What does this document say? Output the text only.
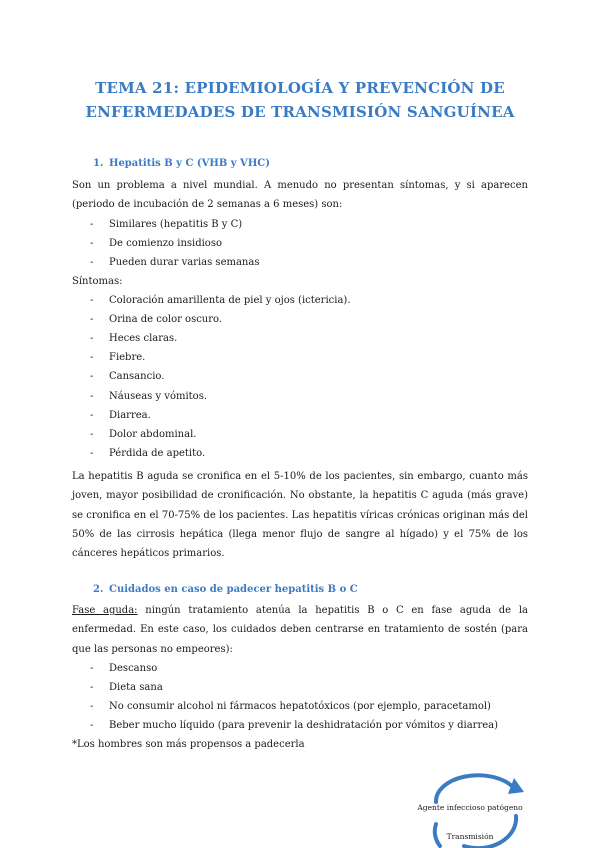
TEMA 21: EPIDEMIOLOGÍA Y PREVENCIÓN DE
ENFERMEDADES DE TRANSMISIÓN SANGUÍNEA
1. Hepatitis B y C (VHB y VHC)
Son un problema a nivel mundial. A menudo no presentan síntomas, y si aparecen (periodo de incubación de 2 semanas a 6 meses) son:
- Similares (hepatitis B y C)
- De comienzo insidioso
- Pueden durar varias semanas
Síntomas:
- Coloración amarillenta de piel y ojos (ictericia).
- Orina de color oscuro.
- Heces claras.
- Fiebre.
- Cansancio.
- Náuseas y vómitos.
- Diarrea.
- Dolor abdominal.
- Pérdida de apetito.
La hepatitis B aguda se cronifica en el 5-10% de los pacientes, sin embargo, cuanto más joven, mayor posibilidad de cronificación. No obstante, la hepatitis C aguda (más grave) se cronifica en el 70-75% de los pacientes. Las hepatitis víricas crónicas originan más del 50% de las cirrosis hepática (llega menor flujo de sangre al hígado) y el 75% de los cánceres hepáticos primarios.
2. Cuidados en caso de padecer hepatitis B o C
Fase aguda: ningún tratamiento atenúa la hepatitis B o C en fase aguda de la enfermedad. En este caso, los cuidados deben centrarse en tratamiento de sostén (para que las personas no empeores):
- Descanso
- Dieta sana
- No consumir alcohol ni fármacos hepatotóxicos (por ejemplo, paracetamol)
- Beber mucho líquido (para prevenir la deshidratación por vómitos y diarrea)
*Los hombres son más propensos a padecerla
Agente infeccioso patógeno
Transmisión
